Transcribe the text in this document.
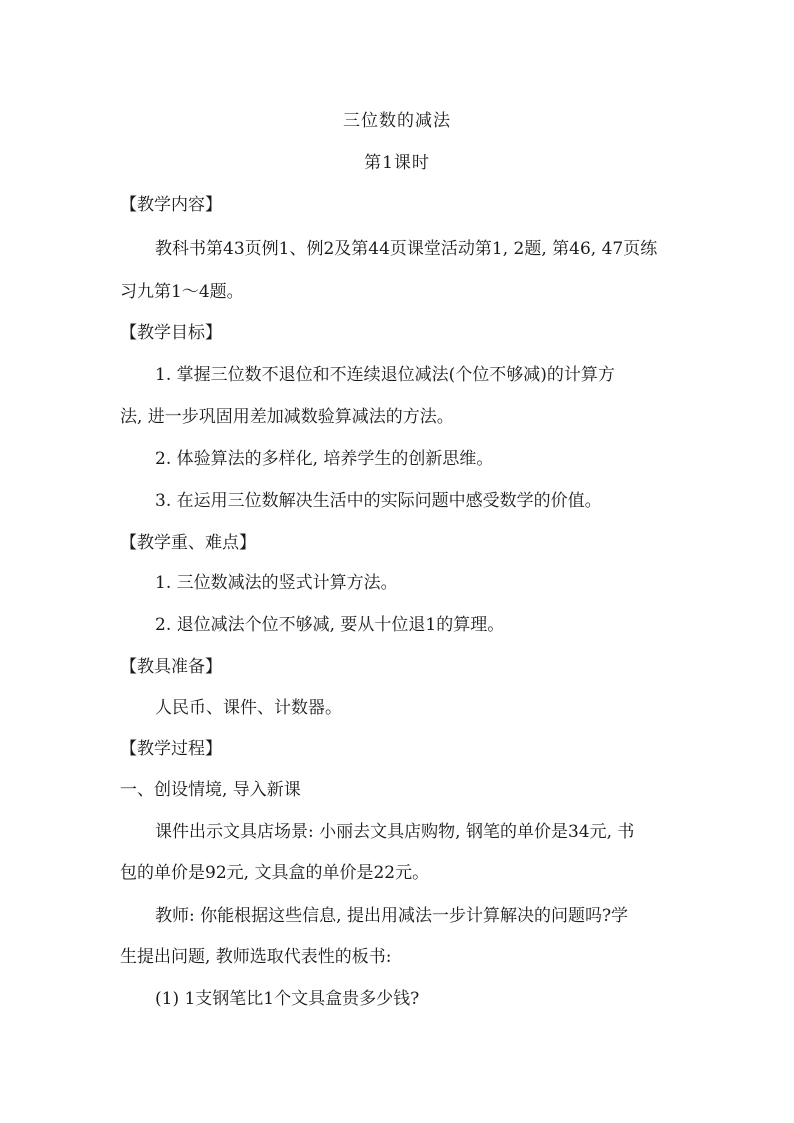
三位数的减法
第1课时
【教学内容】
教科书第43页例1、例2及第44页课堂活动第1, 2题, 第46, 47页练
习九第1～4题。
【教学目标】
1. 掌握三位数不退位和不连续退位减法(个位不够减)的计算方
法, 进一步巩固用差加减数验算减法的方法。
2. 体验算法的多样化, 培养学生的创新思维。
3. 在运用三位数解决生活中的实际问题中感受数学的价值。
【教学重、难点】
1. 三位数减法的竖式计算方法。
2. 退位减法个位不够减, 要从十位退1的算理。
【教具准备】
人民币、课件、计数器。
【教学过程】
一、创设情境, 导入新课
课件出示文具店场景: 小丽去文具店购物, 钢笔的单价是34元, 书
包的单价是92元, 文具盒的单价是22元。
教师: 你能根据这些信息, 提出用减法一步计算解决的问题吗?学
生提出问题, 教师选取代表性的板书:
(1) 1支钢笔比1个文具盒贵多少钱?
